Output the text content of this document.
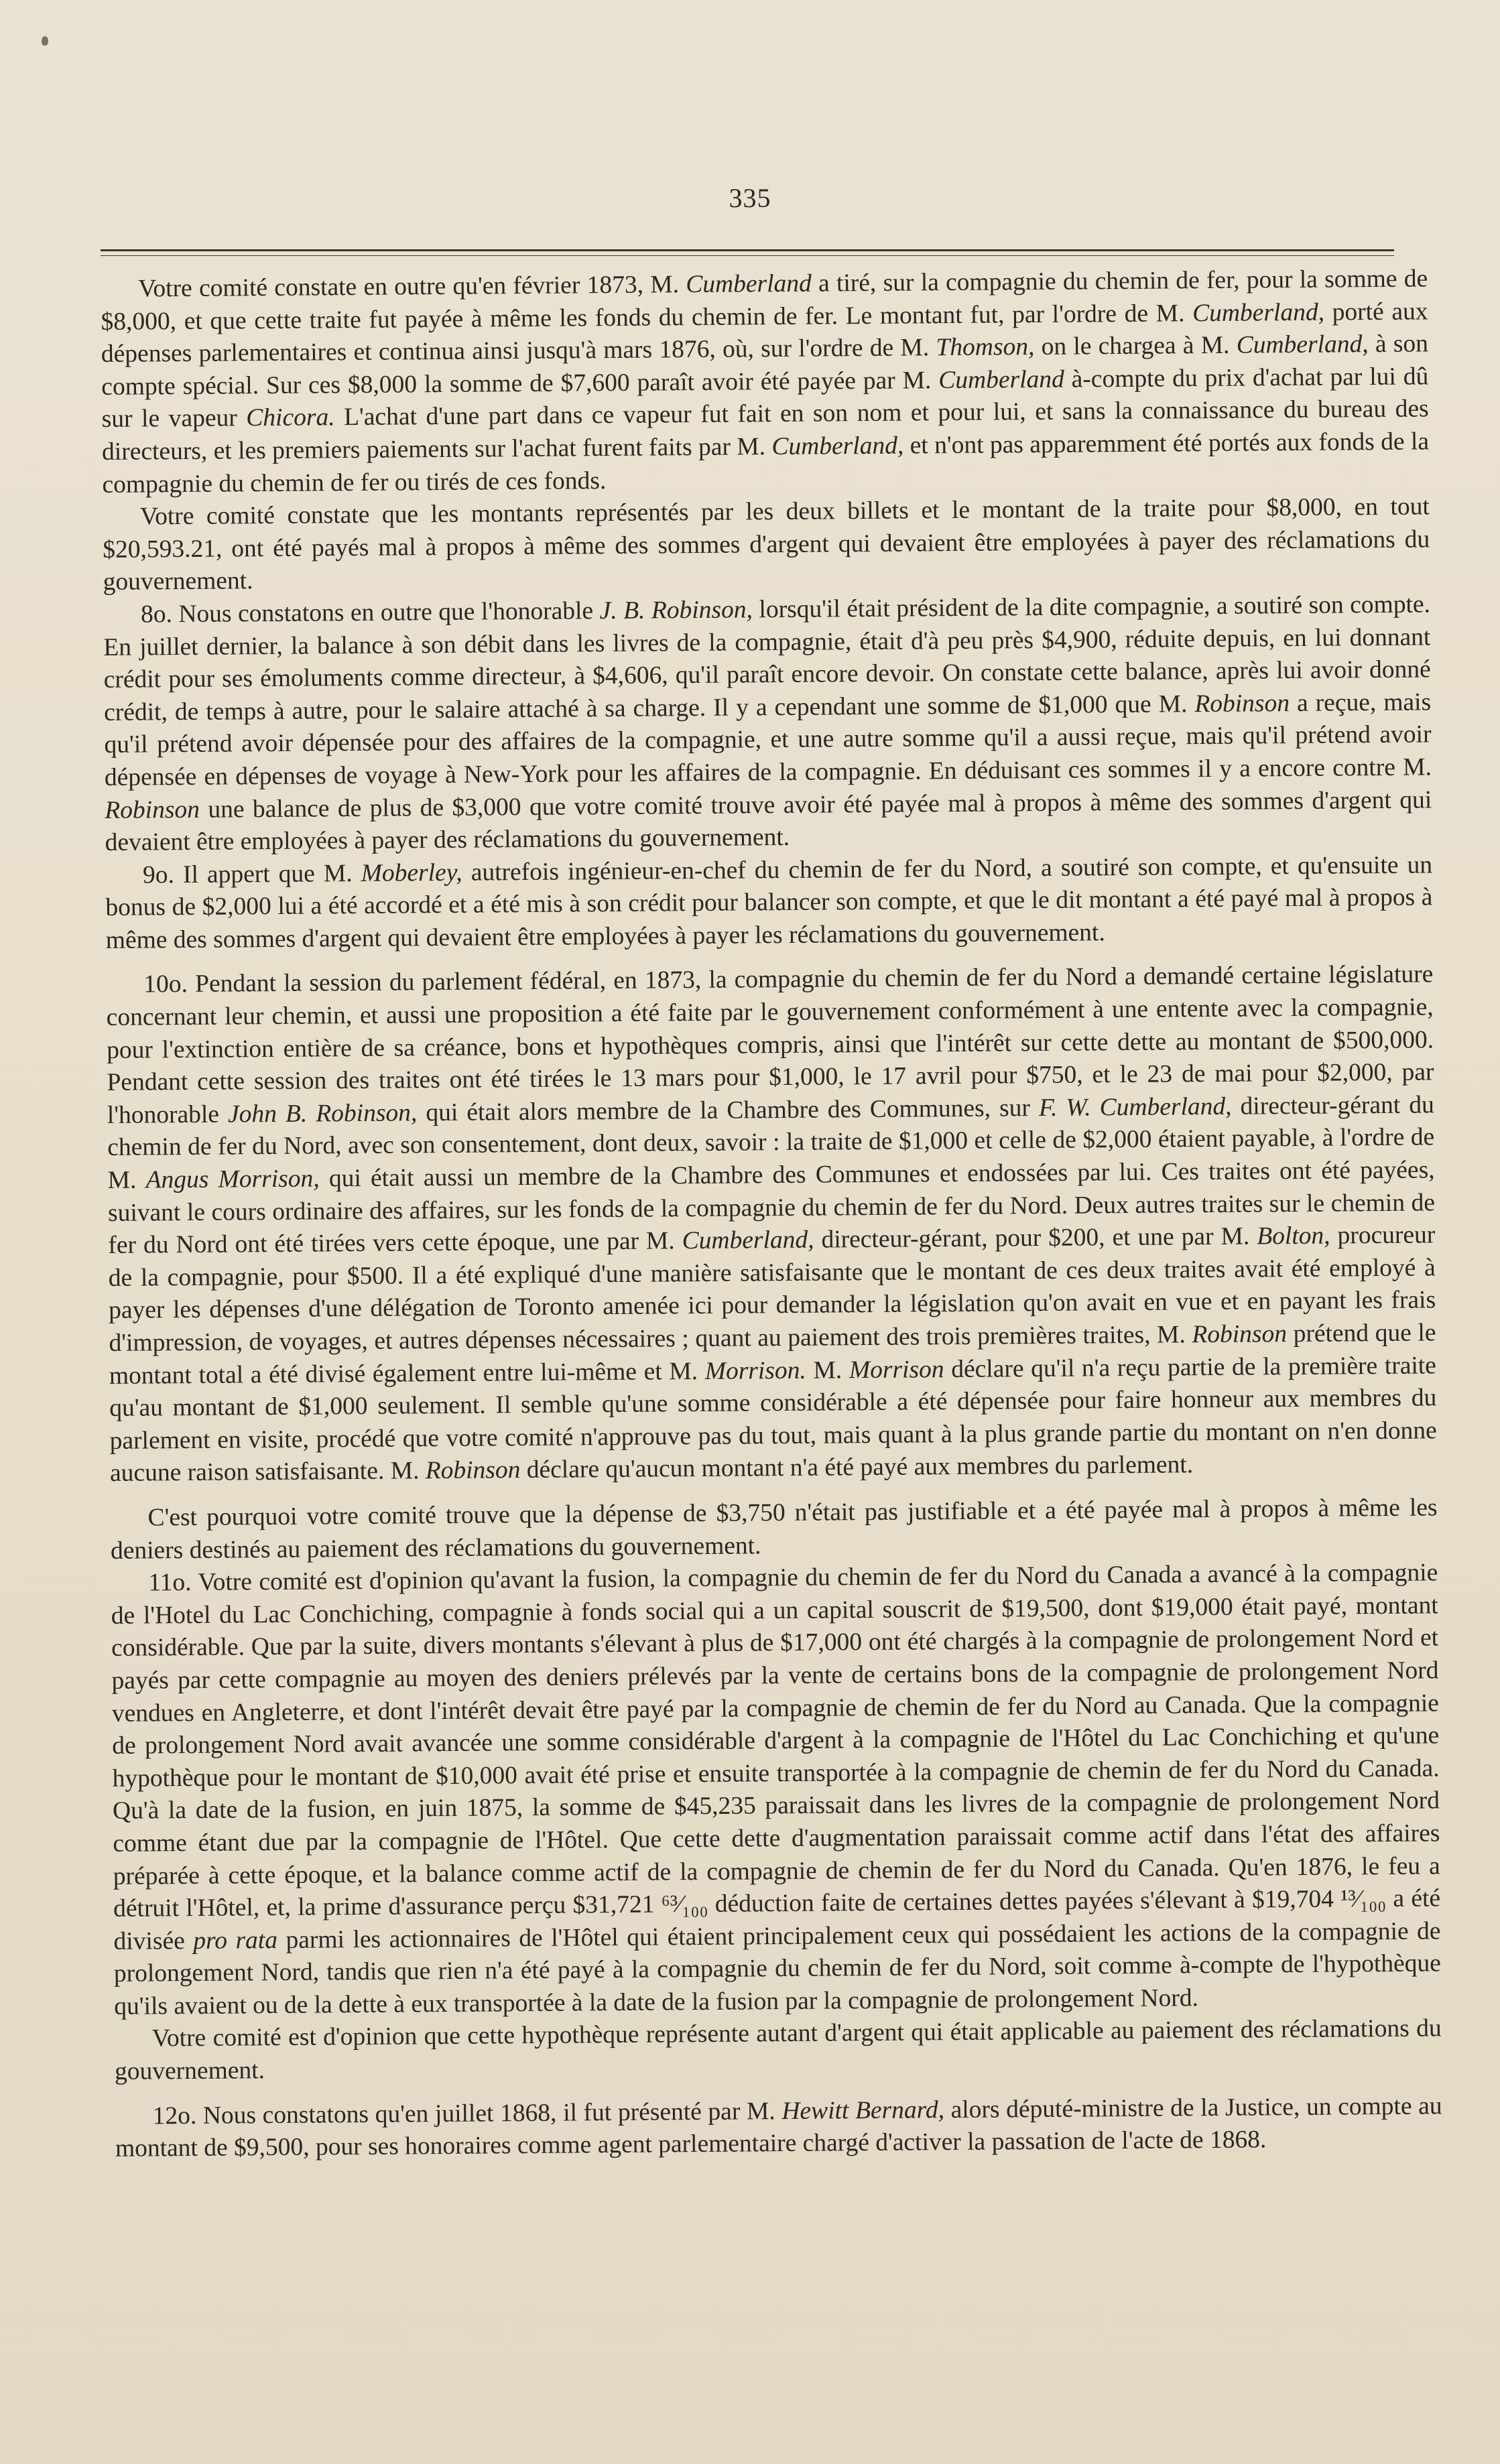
335

Votre comité constate en outre qu'en février 1873, M. Cumberland a tiré, sur la compagnie du chemin de fer, pour la somme de $8,000, et que cette traite fut payée à même les fonds du chemin de fer. Le montant fut, par l'ordre de M. Cumberland, porté aux dépenses parlementaires et continua ainsi jusqu'à mars 1876, où, sur l'ordre de M. Thomson, on le chargea à M. Cumberland, à son compte spécial. Sur ces $8,000 la somme de $7,600 paraît avoir été payée par M. Cumberland à-compte du prix d'achat par lui dû sur le vapeur Chicora. L'achat d'une part dans ce vapeur fut fait en son nom et pour lui, et sans la connaissance du bureau des directeurs, et les premiers paiements sur l'achat furent faits par M. Cumberland, et n'ont pas apparemment été portés aux fonds de la compagnie du chemin de fer ou tirés de ces fonds.

Votre comité constate que les montants représentés par les deux billets et le montant de la traite pour $8,000, en tout $20,593.21, ont été payés mal à propos à même des sommes d'argent qui devaient être employées à payer des réclamations du gouvernement.

8o. Nous constatons en outre que l'honorable J. B. Robinson, lorsqu'il était président de la dite compagnie, a soutiré son compte. En juillet dernier, la balance à son débit dans les livres de la compagnie, était d'à peu près $4,900, réduite depuis, en lui donnant crédit pour ses émoluments comme directeur, à $4,606, qu'il paraît encore devoir. On constate cette balance, après lui avoir donné crédit, de temps à autre, pour le salaire attaché à sa charge. Il y a cependant une somme de $1,000 que M. Robinson a reçue, mais qu'il prétend avoir dépensée pour des affaires de la compagnie, et une autre somme qu'il a aussi reçue, mais qu'il prétend avoir dépensée en dépenses de voyage à New-York pour les affaires de la compagnie. En déduisant ces sommes il y a encore contre M. Robinson une balance de plus de $3,000 que votre comité trouve avoir été payée mal à propos à même des sommes d'argent qui devaient être employées à payer des réclamations du gouvernement.

9o. Il appert que M. Moberley, autrefois ingénieur-en-chef du chemin de fer du Nord, a soutiré son compte, et qu'ensuite un bonus de $2,000 lui a été accordé et a été mis à son crédit pour balancer son compte, et que le dit montant a été payé mal à propos à même des sommes d'argent qui devaient être employées à payer les réclamations du gouvernement.

10o. Pendant la session du parlement fédéral, en 1873, la compagnie du chemin de fer du Nord a demandé certaine législature concernant leur chemin, et aussi une proposition a été faite par le gouvernement conformément à une entente avec la compagnie, pour l'extinction entière de sa créance, bons et hypothèques compris, ainsi que l'intérêt sur cette dette au montant de $500,000. Pendant cette session des traites ont été tirées le 13 mars pour $1,000, le 17 avril pour $750, et le 23 de mai pour $2,000, par l'honorable John B. Robinson, qui était alors membre de la Chambre des Communes, sur F. W. Cumberland, directeur-gérant du chemin de fer du Nord, avec son consentement, dont deux, savoir : la traite de $1,000 et celle de $2,000 étaient payable, à l'ordre de M. Angus Morrison, qui était aussi un membre de la Chambre des Communes et endossées par lui. Ces traites ont été payées, suivant le cours ordinaire des affaires, sur les fonds de la compagnie du chemin de fer du Nord. Deux autres traites sur le chemin de fer du Nord ont été tirées vers cette époque, une par M. Cumberland, directeur-gérant, pour $200, et une par M. Bolton, procureur de la compagnie, pour $500. Il a été expliqué d'une manière satisfaisante que le montant de ces deux traites avait été employé à payer les dépenses d'une délégation de Toronto amenée ici pour demander la législation qu'on avait en vue et en payant les frais d'impression, de voyages, et autres dépenses nécessaires ; quant au paiement des trois premières traites, M. Robinson prétend que le montant total a été divisé également entre lui-même et M. Morrison. M. Morrison déclare qu'il n'a reçu partie de la première traite qu'au montant de $1,000 seulement. Il semble qu'une somme considérable a été dépensée pour faire honneur aux membres du parlement en visite, procédé que votre comité n'approuve pas du tout, mais quant à la plus grande partie du montant on n'en donne aucune raison satisfaisante. M. Robinson déclare qu'aucun montant n'a été payé aux membres du parlement.

C'est pourquoi votre comité trouve que la dépense de $3,750 n'était pas justifiable et a été payée mal à propos à même les deniers destinés au paiement des réclamations du gouvernement.

11o. Votre comité est d'opinion qu'avant la fusion, la compagnie du chemin de fer du Nord du Canada a avancé à la compagnie de l'Hotel du Lac Conchiching, compagnie à fonds social qui a un capital souscrit de $19,500, dont $19,000 était payé, montant considérable. Que par la suite, divers montants s'élevant à plus de $17,000 ont été chargés à la compagnie de prolongement Nord et payés par cette compagnie au moyen des deniers prélevés par la vente de certains bons de la compagnie de prolongement Nord vendues en Angleterre, et dont l'intérêt devait être payé par la compagnie de chemin de fer du Nord au Canada. Que la compagnie de prolongement Nord avait avancée une somme considérable d'argent à la compagnie de l'Hôtel du Lac Conchiching et qu'une hypothèque pour le montant de $10,000 avait été prise et ensuite transportée à la compagnie de chemin de fer du Nord du Canada. Qu'à la date de la fusion, en juin 1875, la somme de $45,235 paraissait dans les livres de la compagnie de prolongement Nord comme étant due par la compagnie de l'Hôtel. Que cette dette d'augmentation paraissait comme actif dans l'état des affaires préparée à cette époque, et la balance comme actif de la compagnie de chemin de fer du Nord du Canada. Qu'en 1876, le feu a détruit l'Hôtel, et, la prime d'assurance perçu $31,721 ⁶³⁄₁₀₀ déduction faite de certaines dettes payées s'élevant à $19,704 ¹³⁄₁₀₀ a été divisée pro rata parmi les actionnaires de l'Hôtel qui étaient principalement ceux qui possédaient les actions de la compagnie de prolongement Nord, tandis que rien n'a été payé à la compagnie du chemin de fer du Nord, soit comme à-compte de l'hypothèque qu'ils avaient ou de la dette à eux transportée à la date de la fusion par la compagnie de prolongement Nord.

Votre comité est d'opinion que cette hypothèque représente autant d'argent qui était applicable au paiement des réclamations du gouvernement.

12o. Nous constatons qu'en juillet 1868, il fut présenté par M. Hewitt Bernard, alors député-ministre de la Justice, un compte au montant de $9,500, pour ses honoraires comme agent parlementaire chargé d'activer la passation de l'acte de 1868.
